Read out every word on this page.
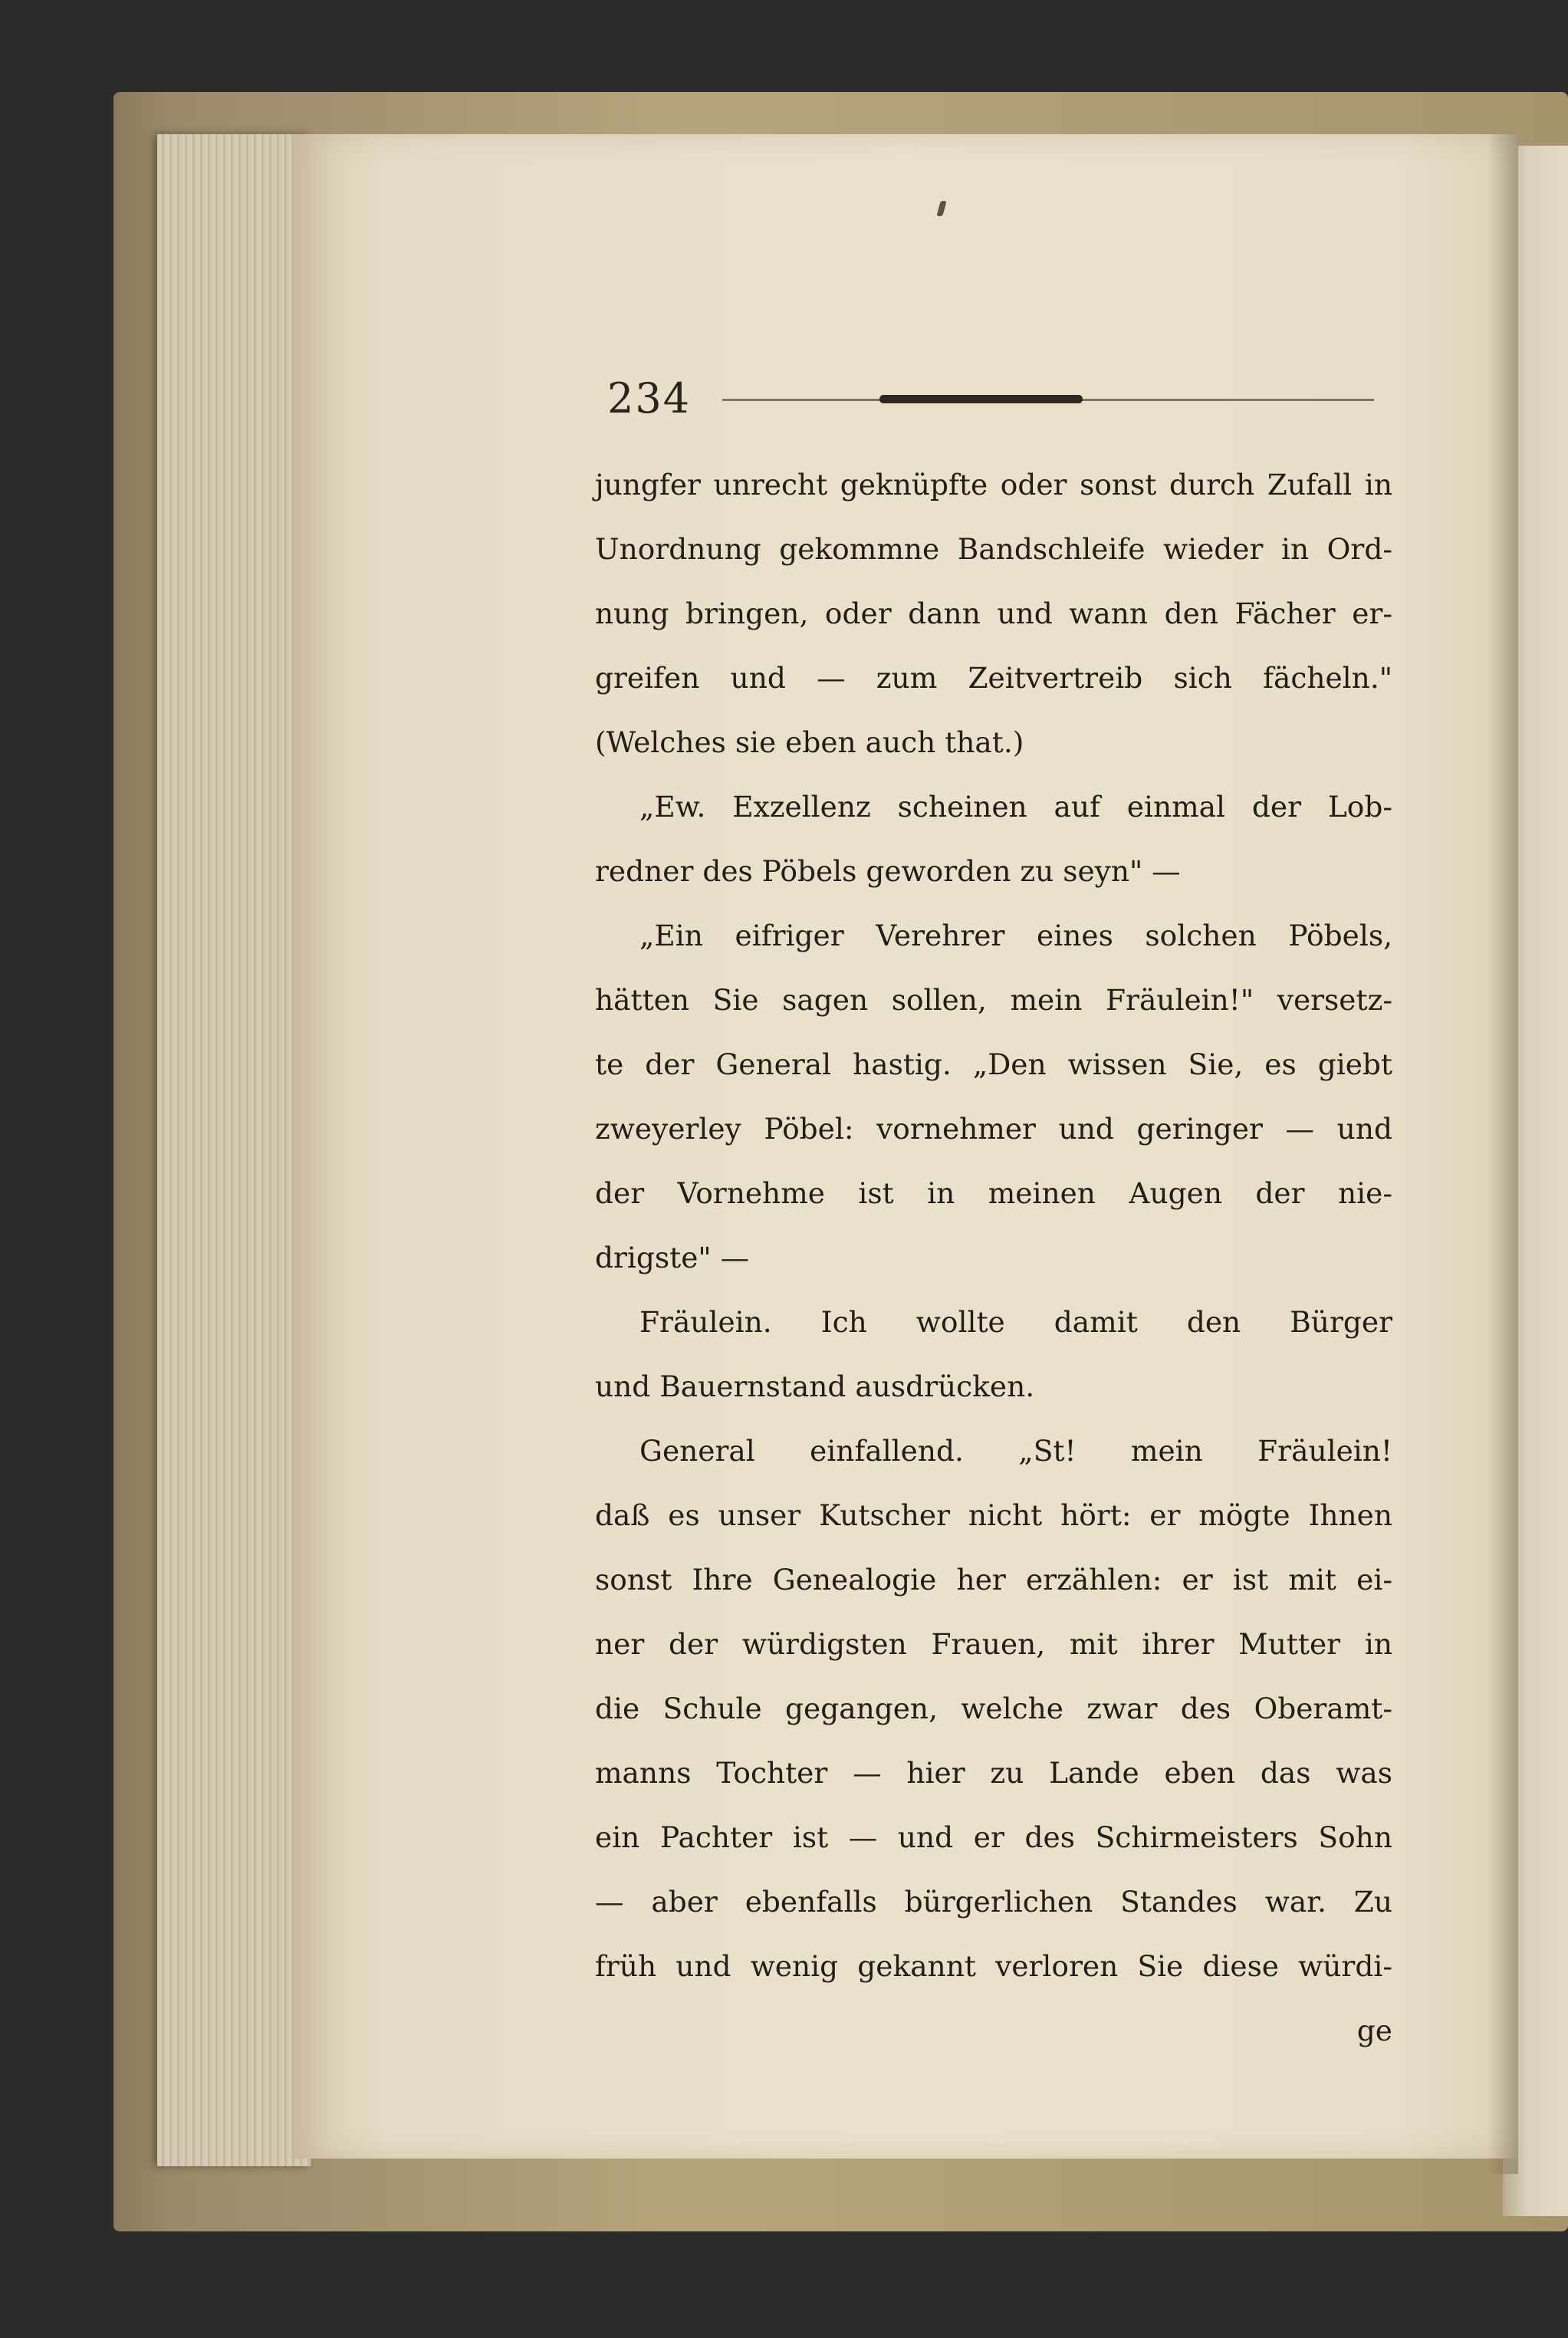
234
jungfer unrecht geknüpfte oder sonst durch Zufall in
Unordnung gekommne Bandschleife wieder in Ord-
nung bringen, oder dann und wann den Fächer er-
greifen und — zum Zeitvertreib sich fächeln."
(Welches sie eben auch that.)
„Ew. Exzellenz scheinen auf einmal der Lob-
redner des Pöbels geworden zu seyn" —
„Ein eifriger Verehrer eines solchen Pöbels,
hätten Sie sagen sollen, mein Fräulein!" versetz-
te der General hastig. „Den wissen Sie, es giebt
zweyerley Pöbel: vornehmer und geringer — und
der Vornehme ist in meinen Augen der nie-
drigste" —
Fräulein. Ich wollte damit den Bürger
und Bauernstand ausdrücken.
General einfallend. „St! mein Fräulein!
daß es unser Kutscher nicht hört: er mögte Ihnen
sonst Ihre Genealogie her erzählen: er ist mit ei-
ner der würdigsten Frauen, mit ihrer Mutter in
die Schule gegangen, welche zwar des Oberamt-
manns Tochter — hier zu Lande eben das was
ein Pachter ist — und er des Schirmeisters Sohn
— aber ebenfalls bürgerlichen Standes war. Zu
früh und wenig gekannt verloren Sie diese würdi-
ge
